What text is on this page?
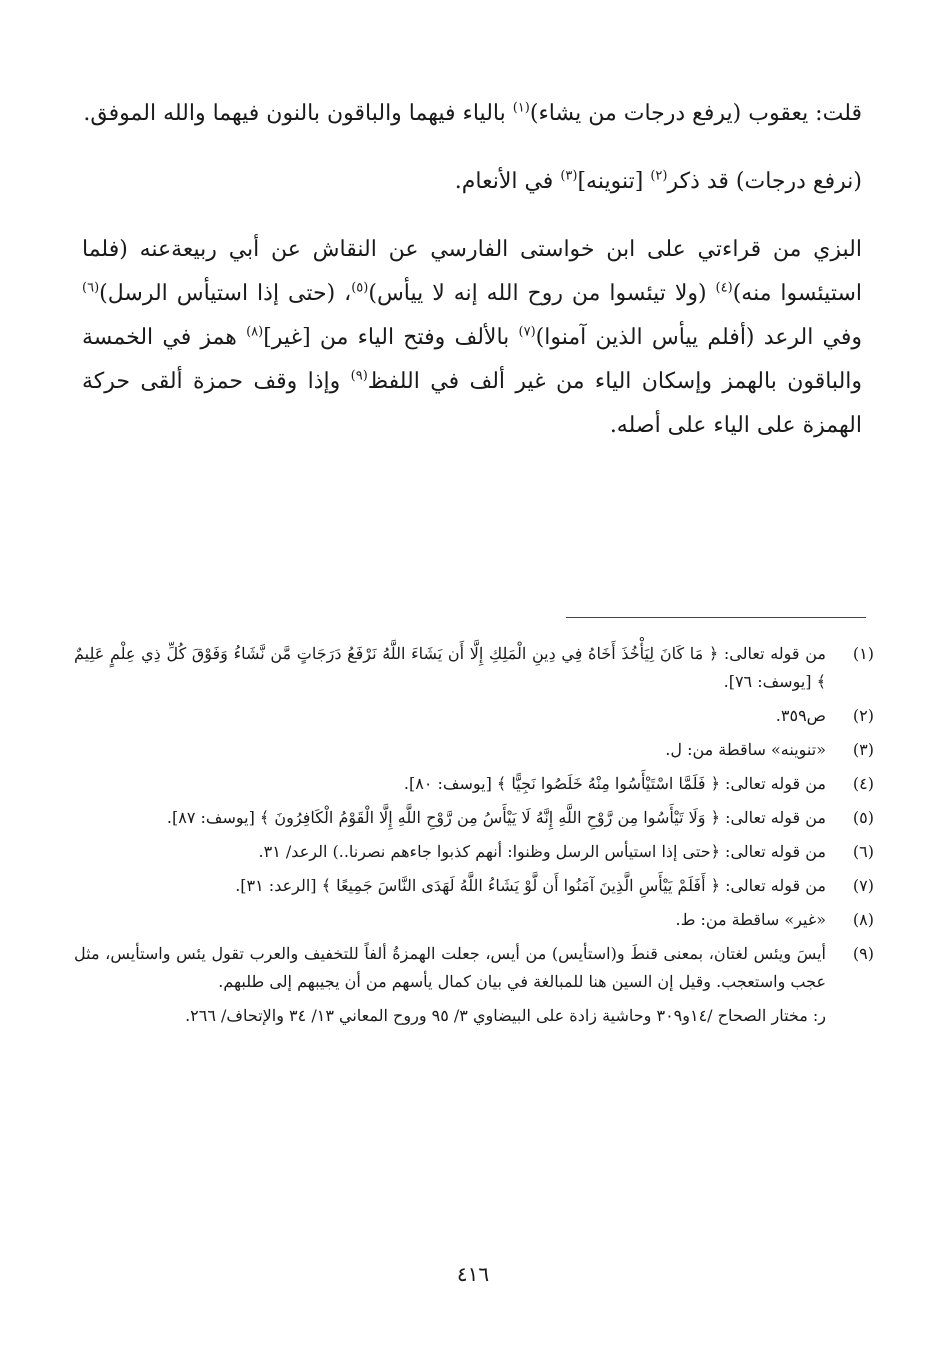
قلت: يعقوب (يرفع درجات من يشاء)$^{(١)}$ بالياء فيهما والباقون بالنون فيهما والله الموفق.

(نرفع درجات) قد ذكر$^{(٢)}$ [تنوينه]$^{(٣)}$ في الأنعام.

البزي من قراءتي على ابن خواستى الفارسي عن النقاش عن أبي ربيعةعنه (فلما استيئسوا منه)$^{(٤)}$ (ولا تيئسوا من روح الله إنه لا ييأس)$^{(٥)}$، (حتى إذا استيأس الرسل)$^{(٦)}$ وفي الرعد (أفلم ييأس الذين آمنوا)$^{(٧)}$ بالألف وفتح الياء من [غير]$^{(٨)}$ همز في الخمسة والباقون بالهمز وإسكان الياء من غير ألف في اللفظ$^{(٩)}$ وإذا وقف حمزة ألقى حركة الهمزة على الياء على أصله.

(١)
من قوله تعالى: ﴿ مَا كَانَ لِيَأْخُذَ أَخَاهُ فِي دِينِ الْمَلِكِ إِلَّا أَن يَشَاءَ اللَّهُ نَرْفَعُ دَرَجَاتٍ مَّن نَّشَاءُ وَفَوْقَ كُلِّ ذِي عِلْمٍ عَلِيمٌ ﴾ [يوسف: ٧٦].
(٢)
ص٣٥٩.
(٣)
«تنوينه» ساقطة من: ل.
(٤)
من قوله تعالى: ﴿ فَلَمَّا اسْتَيْأَسُوا مِنْهُ خَلَصُوا نَجِيًّا ﴾ [يوسف: ٨٠].
(٥)
من قوله تعالى: ﴿ وَلَا تَيْأَسُوا مِن رَّوْحِ اللَّهِ إِنَّهُ لَا يَيْأَسُ مِن رَّوْحِ اللَّهِ إِلَّا الْقَوْمُ الْكَافِرُونَ ﴾ [يوسف: ٨٧].
(٦)
من قوله تعالى: ﴿حتى إذا استيأس الرسل وظنوا: أنهم كذبوا جاءهم نصرنا..) الرعد/ ٣١.
(٧)
من قوله تعالى: ﴿ أَفَلَمْ يَيْأَسِ الَّذِينَ آمَنُوا أَن لَّوْ يَشَاءُ اللَّهُ لَهَدَى النَّاسَ جَمِيعًا ﴾ [الرعد: ٣١].
(٨)
«غير» ساقطة من: ط.
(٩)
أيسَ ويئس لغتان، بمعنى قنطَ و(استأيس) من أيس، جعلت الهمزةُ ألفاً للتخفيف والعرب تقول يئس واستأيس، مثل عجب واستعجب. وقيل إن السين هنا للمبالغة في بيان كمال يأسهم من أن يجيبهم إلى طلبهم.
ر: مختار الصحاح /١٤و٣٠٩ وحاشية زادة على البيضاوي ٣/ ٩٥ وروح المعاني ١٣/ ٣٤ والإتحاف/ ٢٦٦.
٤١٦
